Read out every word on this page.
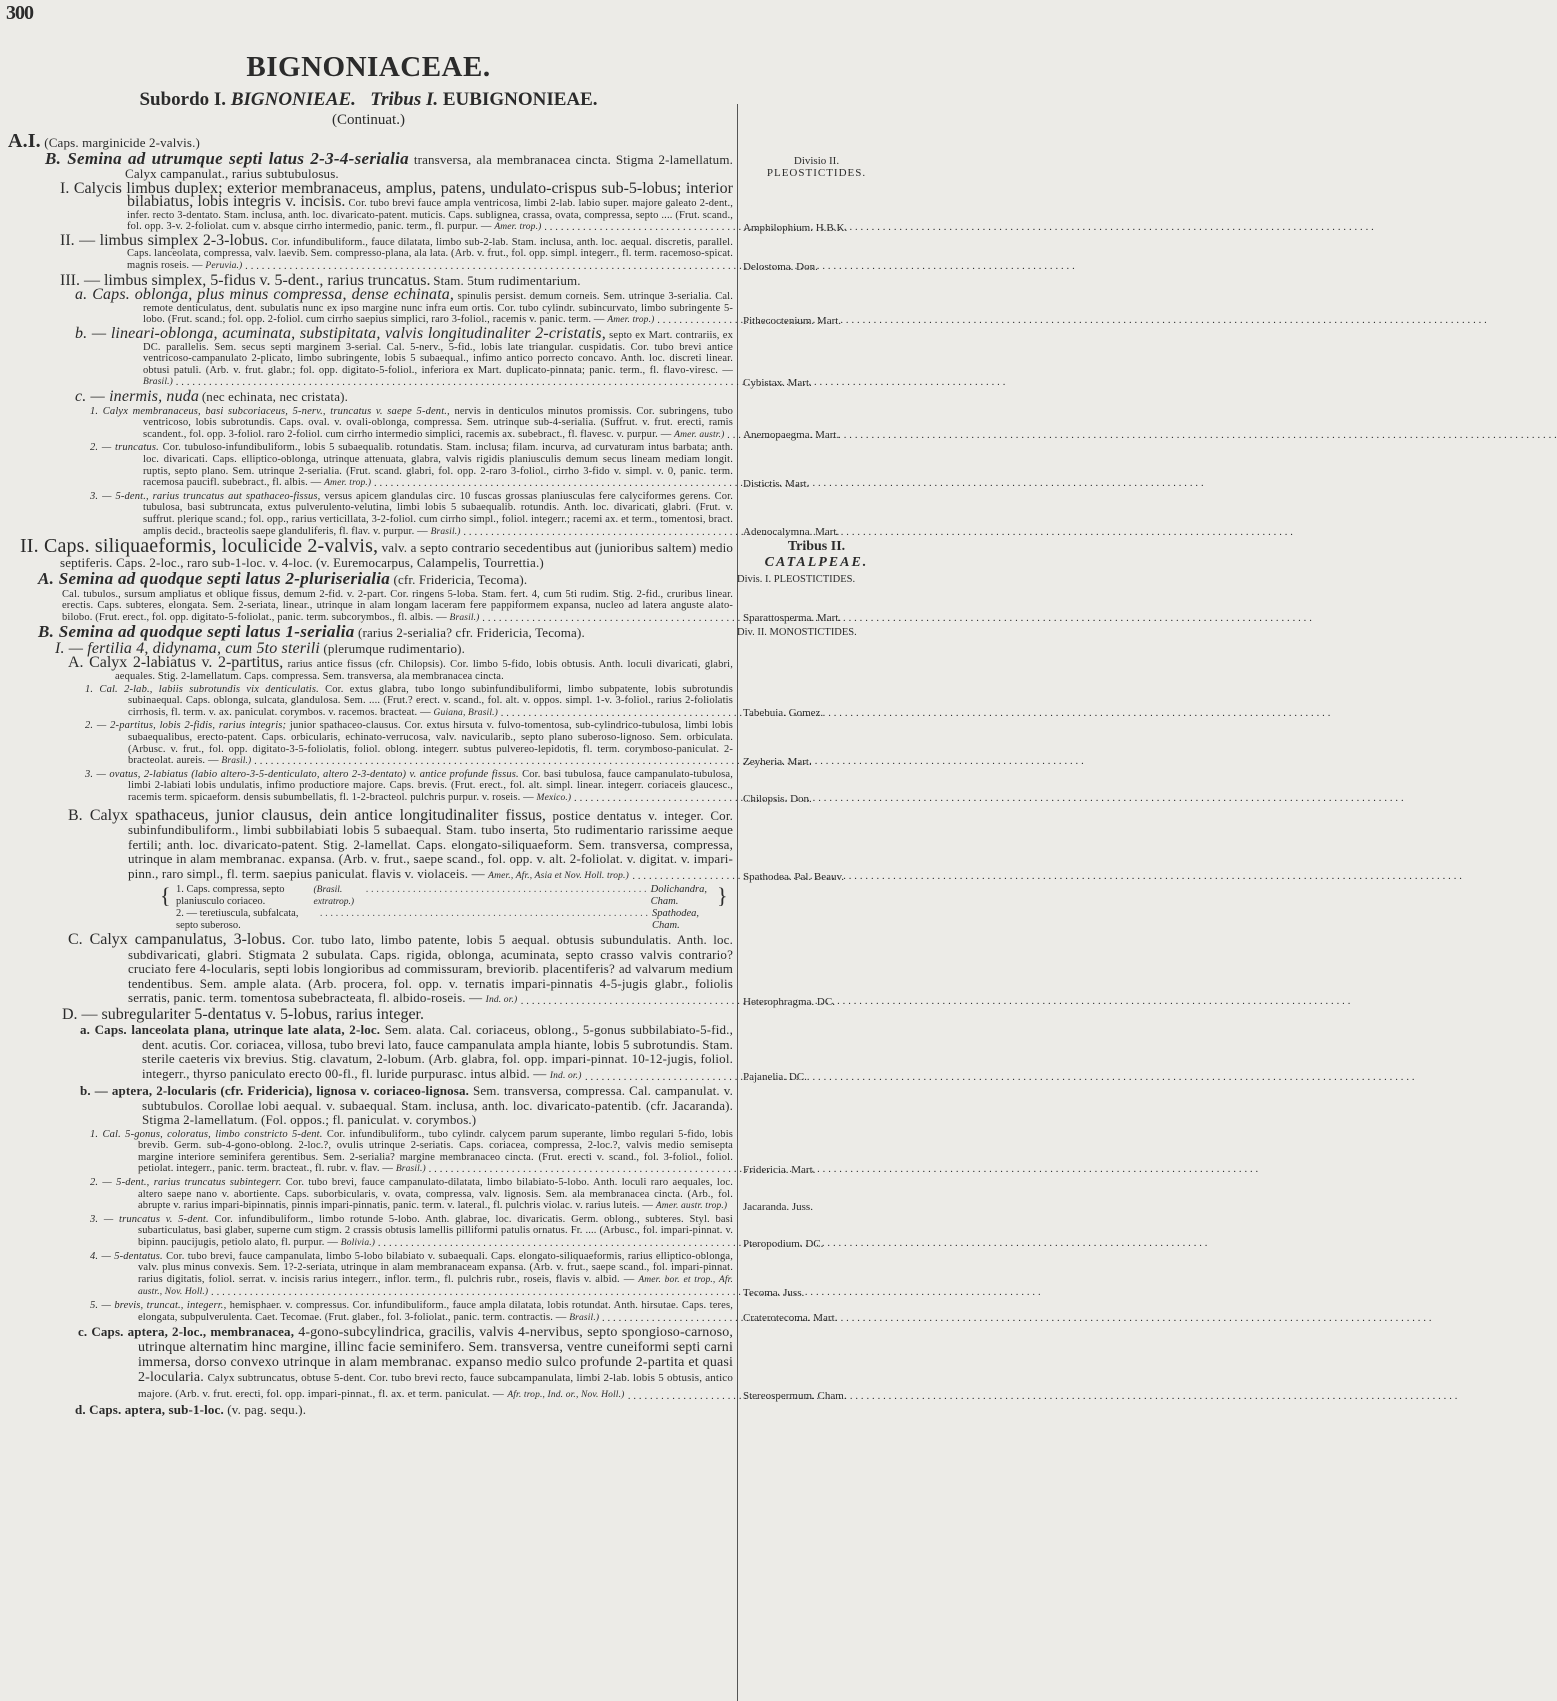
300
BIGNONIACEAE.
Subordo I. BIGNONIEAE. Tribus I. EUBIGNONIEAE.
(Continuat.)

A.I. (Caps. marginicide 2-valvis.)

B. Semina ad utrumque septi latus 2-3-4-serialia transversa, ala membranacea cincta. Stigma 2-lamellatum. Calyx campanulat., rarius subtubulosus.

Divisio II.
PLEOSTICTIDES.

I. Calycis limbus duplex; exterior membranaceus, amplus, patens, undulato-crispus sub-5-lobus; interior bilabiatus, lobis integris v. incisis. Cor. tubo brevi fauce ampla ventricosa, limbi 2-lab. labio super. majore galeato 2-dent., infer. recto 3-dentato. Stam. inclusa, anth. loc. divaricato-patent. muticis. Caps. sublignea, crassa, ovata, compressa, septo .... (Frut. scand., fol. opp. 3-v. 2-foliolat. cum v. absque cirrho intermedio, panic. term., fl. purpur. — Amer. trop.) . . .	Amphilophium. H.B.K.

II. — limbus simplex 2-3-lobus. Cor. infundibuliform., fauce dilatata, limbo sub-2-lab. Stam. inclusa, anth. loc. aequal. discretis, parallel. Caps. lanceolata, compressa, valv. laevib. Sem. compresso-plana, ala lata. (Arb. v. frut., fol. opp. simpl. integerr., fl. term. racemoso-spicat. magnis roseis. — Peruvia.) . . .	Delostoma. Don.

III. — limbus simplex, 5-fidus v. 5-dent., rarius truncatus. Stam. 5tum rudimentarium.

a. Caps. oblonga, plus minus compressa, dense echinata, spinulis persist. demum corneis. Sem. utrinque 3-serialia. Cal. remote denticulatus, dent. subulatis nunc ex ipso margine nunc infra eum ortis. Cor. tubo cylindr. subincurvato, limbo subringente 5-lobo. (Frut. scand.; fol. opp. 2-foliol. cum cirrho saepius simplici, raro 3-foliol., racemis v. panic. term. — Amer. trop.) . . .	Pithecoctenium. Mart.

b. — lineari-oblonga, acuminata, substipitata, valvis longitudinaliter 2-cristatis, septo ex Mart. contrariis, ex DC. parallelis. Sem. secus septi marginem 3-serial. Cal. 5-nerv., 5-fid., lobis late triangular. cuspidatis. Cor. tubo brevi antice ventricoso-campanulato 2-plicato, limbo subringente, lobis 5 subaequal., infimo antico porrecto concavo. Anth. loc. discreti linear. obtusi patuli. (Arb. v. frut. glabr.; fol. opp. digitato-5-foliol., inferiora ex Mart. duplicato-pinnata; panic. term., fl. flavo-viresc. — Brasil.) . . .	Cybistax. Mart.

c. — inermis, nuda (nec echinata, nec cristata).

1. Calyx membranaceus, basi subcoriaceus, 5-nerv., truncatus v. saepe 5-dent., nervis in denticulos minutos promissis. Cor. subringens, tubo ventricoso, lobis subrotundis. Caps. oval. v. ovali-oblonga, compressa. Sem. utrinque sub-4-serialia. (Suffrut. v. frut. erecti, ramis scandent., fol. opp. 3-foliol. raro 2-foliol. cum cirrho intermedio simplici, racemis ax. subebract., fl. flavesc. v. purpur. — Amer. austr.) . . .	Anemopaegma. Mart.

2. — truncatus. Cor. tubuloso-infundibuliform., lobis 5 subaequalib. rotundatis. Stam. inclusa; filam. incurva, ad curvaturam intus barbata; anth. loc. divaricati. Caps. elliptico-oblonga, utrinque attenuata, glabra, valvis rigidis planiusculis demum secus lineam mediam longit. ruptis, septo plano. Sem. utrinque 2-serialia. (Frut. scand. glabri, fol. opp. 2-raro 3-foliol., cirrho 3-fido v. simpl. v. 0, panic. term. racemosa paucifl. subebract., fl. albis. — Amer. trop.) . . .	Distictis. Mart.

3. — 5-dent., rarius truncatus aut spathaceo-fissus, versus apicem glandulas circ. 10 fuscas grossas planiusculas fere calyciformes gerens. Cor. tubulosa, basi subtruncata, extus pulverulento-velutina, limbi lobis 5 subaequalib. rotundis. Anth. loc. divaricati, glabri. (Frut. v. suffrut. plerique scand.; fol. opp., rarius verticillata, 3-2-foliol. cum cirrho simpl., foliol. integerr.; racemi ax. et term., tomentosi, bract. amplis decid., bracteolis saepe glanduliferis, fl. flav. v. purpur. — Brasil.) . . .	Adenocalymna. Mart.

II. Caps. siliquaeformis, loculicide 2-valvis, valv. a septo contrario secedentibus aut (junioribus saltem) medio septiferis. Caps. 2-loc., raro sub-1-loc. v. 4-loc. (v. Euremocarpus, Calampelis, Tourrettia.)

Tribus II.
CATALPEAE.

A. Semina ad quodque septi latus 2-pluriserialia (cfr. Fridericia, Tecoma).	Divis. I. PLEOSTICTIDES.

Cal. tubulos., sursum ampliatus et oblique fissus, demum 2-fid. v. 2-part. Cor. ringens 5-loba. Stam. fert. 4, cum 5ti rudim. Stig. 2-fid., cruribus linear. erectis. Caps. subteres, elongata. Sem. 2-seriata, linear., utrinque in alam longam laceram fere pappiformem expansa, nucleo ad latera anguste alato-bilobo. (Frut. erect., fol. opp. digitato-5-foliolat., panic. term. subcorymbos., fl. albis. — Brasil.) . . .	Sparattosperma. Mart.

B. Semina ad quodque septi latus 1-serialia (rarius 2-serialia? cfr. Fridericia, Tecoma).	Div. II. MONOSTICTIDES.

I. — fertilia 4, didynama, cum 5to sterili (plerumque rudimentario).

A. Calyx 2-labiatus v. 2-partitus, rarius antice fissus (cfr. Chilopsis). Cor. limbo 5-fido, lobis obtusis. Anth. loculi divaricati, glabri, aequales. Stig. 2-lamellatum. Caps. compressa. Sem. transversa, ala membranacea cincta.

1. Cal. 2-lab., labiis subrotundis vix denticulatis. Cor. extus glabra, tubo longo subinfundibuliformi, limbo subpatente, lobis subrotundis subinaequal. Caps. oblonga, sulcata, glandulosa. Sem. .... (Frut.? erect. v. scand., fol. alt. v. oppos. simpl. 1-v. 3-foliol., rarius 2-foliolatis cirrhosis, fl. term. v. ax. paniculat. corymbos. v. racemos. bracteat. — Guiana, Brasil.) . . .	Tabebuia. Gomez.

2. — 2-partitus, lobis 2-fidis, rarius integris; junior spathaceo-clausus. Cor. extus hirsuta v. fulvo-tomentosa, sub-cylindrico-tubulosa, limbi lobis subaequalibus, erecto-patent. Caps. orbicularis, echinato-verrucosa, valv. navicularib., septo plano suberoso-lignoso. Sem. orbiculata. (Arbusc. v. frut., fol. opp. digitato-3-5-foliolatis, foliol. oblong. integerr. subtus pulvereo-lepidotis, fl. term. corymboso-paniculat. 2-bracteolat. aureis. — Brasil.) . . .	Zeyheria. Mart.

3. — ovatus, 2-labiatus (labio altero-3-5-denticulato, altero 2-3-dentato) v. antice profunde fissus. Cor. basi tubulosa, fauce campanulato-tubulosa, limbi 2-labiati lobis undulatis, infimo productiore majore. Caps. brevis. (Frut. erect., fol. alt. simpl. linear. integerr. coriaceis glaucesc., racemis term. spicaeform. densis subumbellatis, fl. 1-2-bracteol. pulchris purpur. v. roseis. — Mexico.) . . .	Chilopsis. Don.

B. Calyx spathaceus, junior clausus, dein antice longitudinaliter fissus, postice dentatus v. integer. Cor. subinfundibuliform., limbi subbilabiati lobis 5 subaequal. Stam. tubo inserta, 5to rudimentario rarissime aeque fertili; anth. loc. divaricato-patent. Stig. 2-lamellat. Caps. elongato-siliquaeform. Sem. transversa, compressa, utrinque in alam membranac. expansa. (Arb. v. frut., saepe scand., fol. opp. v. alt. 2-foliolat. v. digitat. v. impari-pinn., raro simpl., fl. term. saepius paniculat. flavis v. violaceis. — Amer., Afr., Asia et Nov. Holl. trop.) . . .	Spathodea. Pal. Beauv.
{ 1. Caps. compressa, septo planiusculo coriaceo.

(Brasil. extratrop.)
. . . . . . . . . . . . . . . . . . . . . . . . . . . . . . . . . . . . . . . . . . . . . . . . . . . . . . Dolichandra, Cham.
2. — teretiuscula, subfalcata, septo suberoso.
. . . . . . . . . . . . . . . . . . . . . . . . . . . . . . . . . . . . . . . . . . . . . . . . . . . . . . . . . . . . . . . Spathodea, Cham.
}

C. Calyx campanulatus, 3-lobus. Cor. tubo lato, limbo patente, lobis 5 aequal. obtusis subundulatis. Anth. loc. subdivaricati, glabri. Stigmata 2 subulata. Caps. rigida, oblonga, acuminata, septo crasso valvis contrario? cruciato fere 4-locularis, septi lobis longioribus ad commissuram, breviorib. placentiferis? ad valvarum medium tendentibus. Sem. ample alata. (Arb. procera, fol. opp. v. ternatis impari-pinnatis 4-5-jugis glabr., foliolis serratis, panic. term. tomentosa subebracteata, fl. albido-roseis. — Ind. or.) . . .	Heterophragma. DC.

D. — subregulariter 5-dentatus v. 5-lobus, rarius integer.

a. Caps. lanceolata plana, utrinque late alata, 2-loc. Sem. alata. Cal. coriaceus, oblong., 5-gonus subbilabiato-5-fid., dent. acutis. Cor. coriacea, villosa, tubo brevi lato, fauce campanulata ampla hiante, lobis 5 subrotundis. Stam. sterile caeteris vix brevius. Stig. clavatum, 2-lobum. (Arb. glabra, fol. opp. impari-pinnat. 10-12-jugis, foliol. integerr., thyrso paniculato erecto 00-fl., fl. luride purpurasc. intus albid. — Ind. or.) . . .	Pajanelia. DC.

b. — aptera, 2-locularis (cfr. Fridericia), lignosa v. coriaceo-lignosa. Sem. transversa, compressa. Cal. campanulat. v. subtubulos. Corollae lobi aequal. v. subaequal. Stam. inclusa, anth. loc. divaricato-patentib. (cfr. Jacaranda). Stigma 2-lamellatum. (Fol. oppos.; fl. paniculat. v. corymbos.)

1. Cal. 5-gonus, coloratus, limbo constricto 5-dent. Cor. infundibuliform., tubo cylindr. calycem parum superante, limbo regulari 5-fido, lobis brevib. Germ. sub-4-gono-oblong. 2-loc.?, ovulis utrinque 2-seriatis. Caps. coriacea, compressa, 2-loc.?, valvis medio semisepta margine interiore seminifera gerentibus. Sem. 2-serialia? margine membranaceo cincta. (Frut. erecti v. scand., fol. 3-foliol., foliol. petiolat. integerr., panic. term. bracteat., fl. rubr. v. flav. — Brasil.) . . .	Fridericia. Mart.

2. — 5-dent., rarius truncatus subintegerr. Cor. tubo brevi, fauce campanulato-dilatata, limbo bilabiato-5-lobo. Anth. loculi raro aequales, loc. altero saepe nano v. abortiente. Caps. suborbicularis, v. ovata, compressa, valv. lignosis. Sem. ala membranacea cincta. (Arb., fol. abrupte v. rarius impari-bipinnatis, pinnis impari-pinnatis, panic. term. v. lateral., fl. pulchris violac. v. rarius luteis. — Amer. austr. trop.)	Jacaranda. Juss.

3. — truncatus v. 5-dent. Cor. infundibuliform., limbo rotunde 5-lobo. Anth. glabrae, loc. divaricatis. Germ. oblong., subteres. Styl. basi subarticulatus, basi glaber, superne cum stigm. 2 crassis obtusis lamellis pilliformi patulis ornatus. Fr. .... (Arbusc., fol. impari-pinnat. v. bipinn. paucijugis, petiolo alato, fl. purpur. — Bolivia.) . . .	Pteropodium. DC.

4. — 5-dentatus. Cor. tubo brevi, fauce campanulata, limbo 5-lobo bilabiato v. subaequali. Caps. elongato-siliquaeformis, rarius elliptico-oblonga, valv. plus minus convexis. Sem. 1?-2-seriata, utrinque in alam membranaceam expansa. (Arb. v. frut., saepe scand., fol. impari-pinnat. rarius digitatis, foliol. serrat. v. incisis rarius integerr., inflor. term., fl. pulchris rubr., roseis, flavis v. albid. — Amer. bor. et trop., Afr. austr., Nov. Holl.) . . .	Tecoma. Juss.

5. — brevis, truncat., integerr., hemisphaer. v. compressus. Cor. infundibuliform., fauce ampla dilatata, lobis rotundat. Anth. hirsutae. Caps. teres, elongata, subpulverulenta. Caet. Tecomae. (Frut. glaber., fol. 3-foliolat., panic. term. contractis. — Brasil.) . . .	Craterotecoma. Mart.

c. Caps. aptera, 2-loc., membranacea, 4-gono-subcylindrica, gracilis, valvis 4-nervibus, septo spongioso-carnoso, utrinque alternatim hinc margine, illinc facie seminifero. Sem. transversa, ventre cuneiformi septi carni immersa, dorso convexo utrinque in alam membranac. expanso medio sulco profunde 2-partita et quasi 2-locularia. Calyx subtruncatus, obtuse 5-dent. Cor. tubo brevi recto, fauce subcampanulata, limbi 2-lab. lobis 5 obtusis, antico majore. (Arb. v. frut. erecti, fol. opp. impari-pinnat., fl. ax. et term. paniculat. — Afr. trop., Ind. or., Nov. Holl.) . . .	Stereospermum. Cham.

d. Caps. aptera, sub-1-loc. (v. pag. sequ.).
